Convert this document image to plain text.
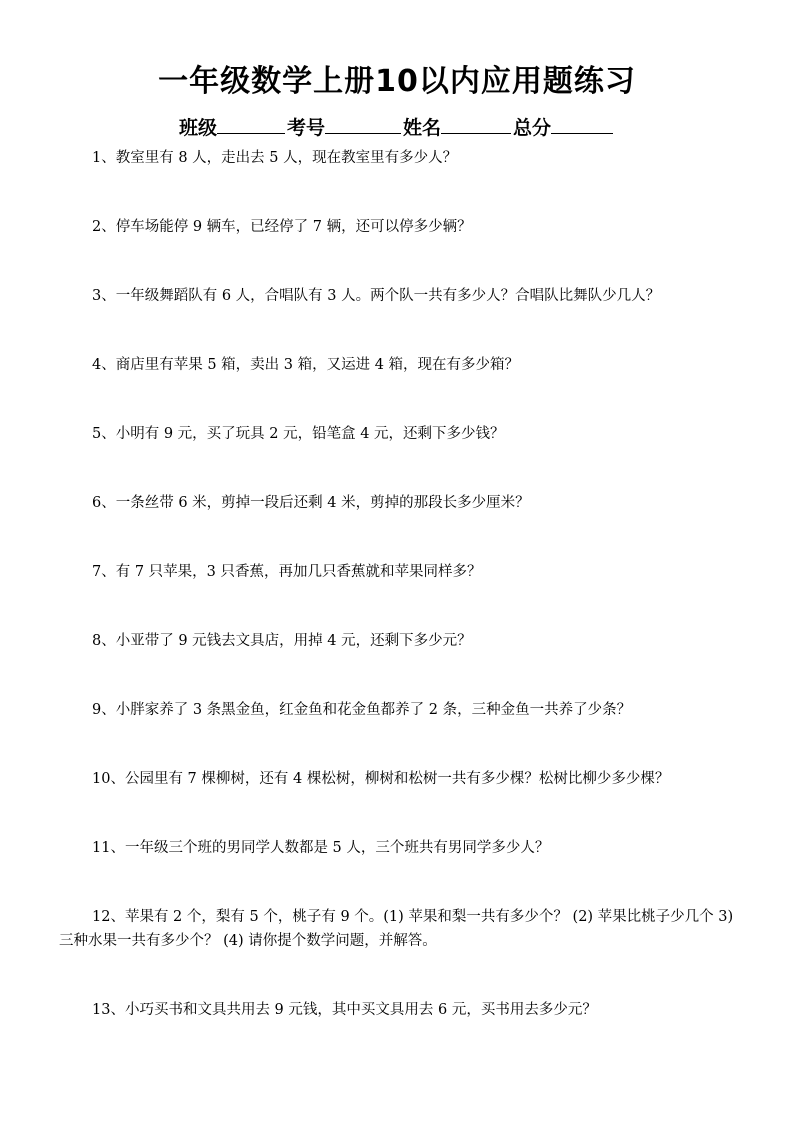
一年级数学上册10以内应用题练习
班级	考号	姓名	总分
1、教室里有 8 人，走出去 5 人，现在教室里有多少人？
2、停车场能停 9 辆车，已经停了 7 辆，还可以停多少辆？
3、一年级舞蹈队有 6 人，合唱队有 3 人。两个队一共有多少人？合唱队比舞队少几人？
4、商店里有苹果 5 箱，卖出 3 箱，又运进 4 箱，现在有多少箱？
5、小明有 9 元，买了玩具 2 元，铅笔盒 4 元，还剩下多少钱？
6、一条丝带 6 米，剪掉一段后还剩 4 米，剪掉的那段长多少厘米？
7、有 7 只苹果，3 只香蕉，再加几只香蕉就和苹果同样多？
8、小亚带了 9 元钱去文具店，用掉 4 元，还剩下多少元？
9、小胖家养了 3 条黑金鱼，红金鱼和花金鱼都养了 2 条，三种金鱼一共养了少条？
10、公园里有 7 棵柳树，还有 4 棵松树，柳树和松树一共有多少棵？松树比柳少多少棵？
11、一年级三个班的男同学人数都是 5 人，三个班共有男同学多少人？
12、苹果有 2 个，梨有 5 个，桃子有 9 个。(1) 苹果和梨一共有多少个？ (2) 苹果比桃子少几个 3) 三种水果一共有多少个？ (4) 请你提个数学问题，并解答。
13、小巧买书和文具共用去 9 元钱，其中买文具用去 6 元，买书用去多少元？
